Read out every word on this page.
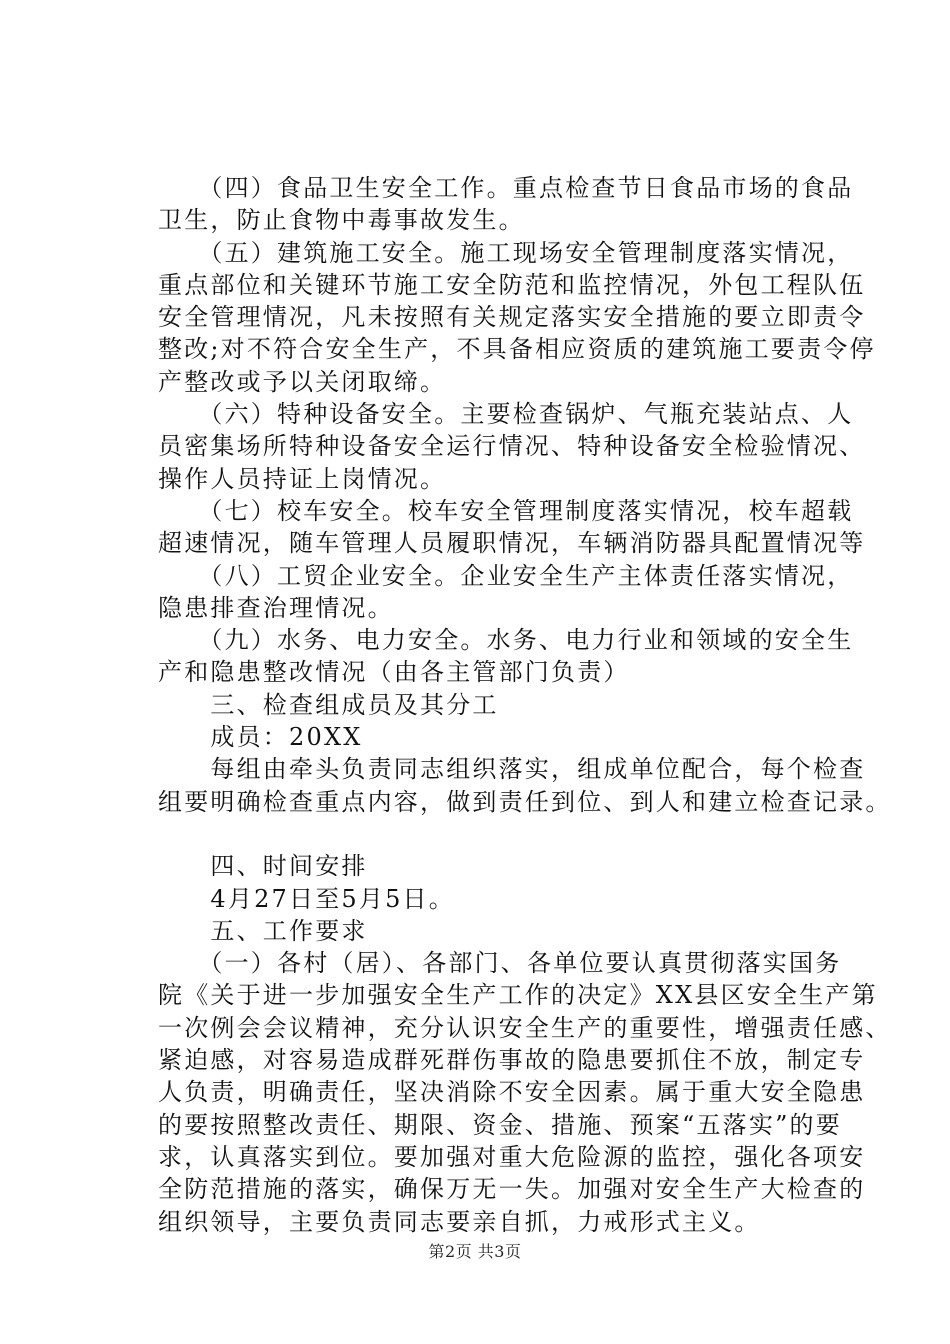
　　（四）食品卫生安全工作。重点检查节日食品市场的食品
卫生，防止食物中毒事故发生。
　　（五）建筑施工安全。施工现场安全管理制度落实情况，
重点部位和关键环节施工安全防范和监控情况，外包工程队伍
安全管理情况，凡未按照有关规定落实安全措施的要立即责令
整改;对不符合安全生产，不具备相应资质的建筑施工要责令停
产整改或予以关闭取缔。
　　（六）特种设备安全。主要检查锅炉、气瓶充装站点、人
员密集场所特种设备安全运行情况、特种设备安全检验情况、
操作人员持证上岗情况。
　　（七）校车安全。校车安全管理制度落实情况，校车超载
超速情况，随车管理人员履职情况，车辆消防器具配置情况等
　　（八）工贸企业安全。企业安全生产主体责任落实情况，
隐患排查治理情况。
　　（九）水务、电力安全。水务、电力行业和领域的安全生
产和隐患整改情况（由各主管部门负责）
　　三、检查组成员及其分工
　　成员：20XX
　　每组由牵头负责同志组织落实，组成单位配合，每个检查
组要明确检查重点内容，做到责任到位、到人和建立检查记录。
　　四、时间安排
　　4月27日至5月5日。
　　五、工作要求
　　（一）各村（居）、各部门、各单位要认真贯彻落实国务
院《关于进一步加强安全生产工作的决定》XX县区安全生产第
一次例会会议精神，充分认识安全生产的重要性，增强责任感、
紧迫感，对容易造成群死群伤事故的隐患要抓住不放，制定专
人负责，明确责任，坚决消除不安全因素。属于重大安全隐患
的要按照整改责任、期限、资金、措施、预案“五落实”的要
求，认真落实到位。要加强对重大危险源的监控，强化各项安
全防范措施的落实，确保万无一失。加强对安全生产大检查的
组织领导，主要负责同志要亲自抓，力戒形式主义。
第2页 共3页
